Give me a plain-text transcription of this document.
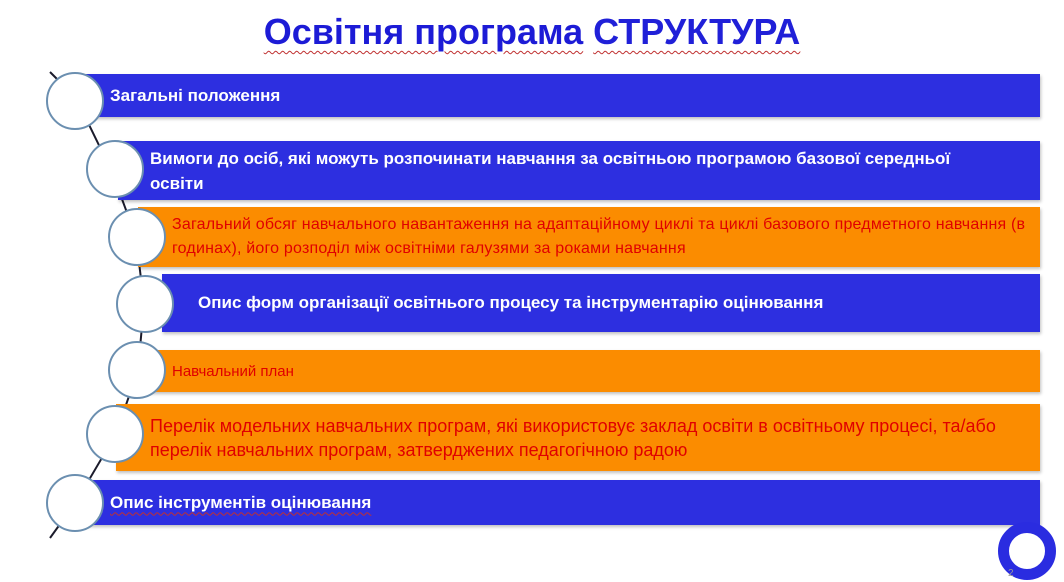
Освітня програма СТРУКТУРА
Загальні положення
Вимоги до осіб, які можуть розпочинати навчання за освітньою програмою базової середньої освіти
Загальний обсяг навчального навантаження на адаптаційному циклі та циклі базового предметного навчання (в годинах), його розподіл між освітніми галузями за роками навчання
Опис форм організації освітнього процесу та інструментарію оцінювання
Навчальний план
Перелік модельних навчальних програм, які використовує заклад освіти в освітньому процесі, та/або перелік навчальних програм, затверджених педагогічною радою
Опис інструментів оцінювання
2
